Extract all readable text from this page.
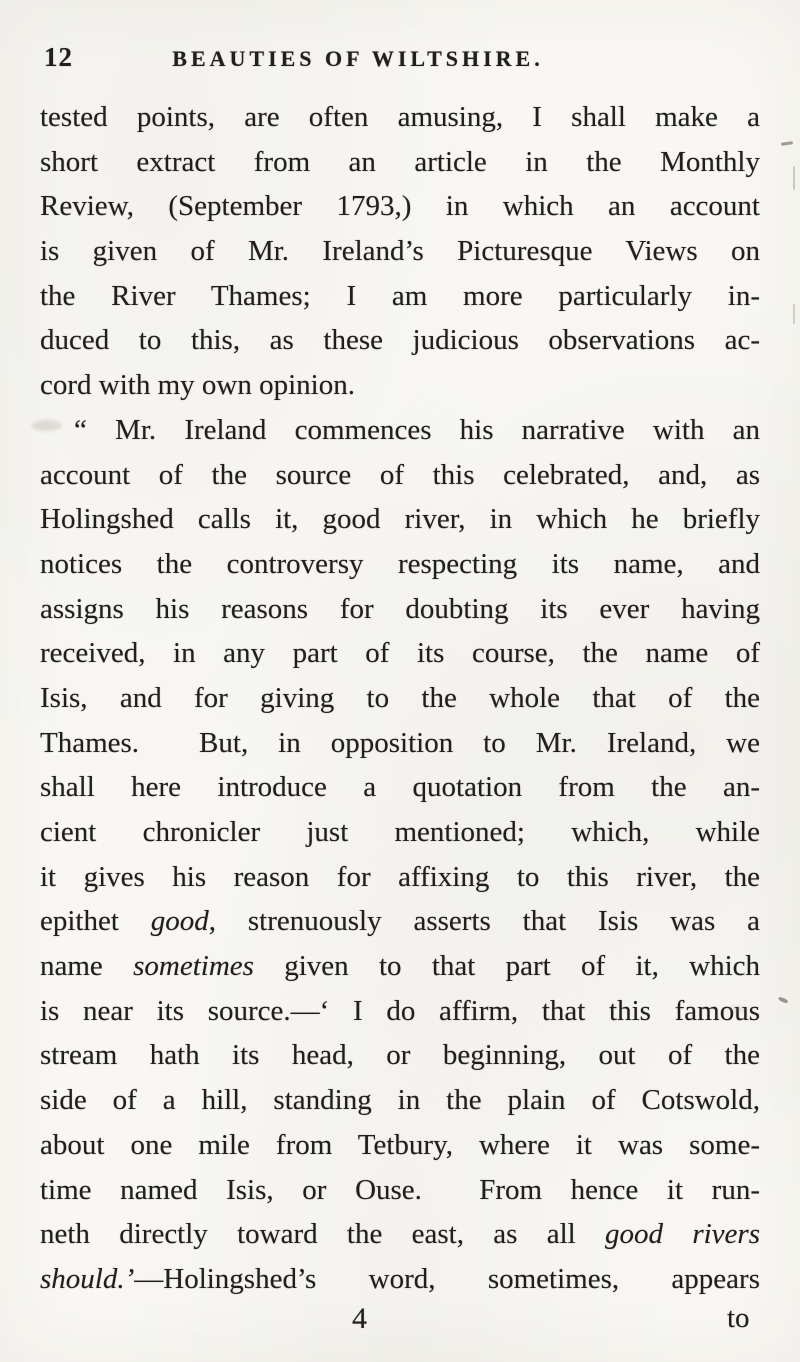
12	BEAUTIES OF WILTSHIRE.
tested points, are often amusing, I shall make a
short extract from an article in the Monthly
Review, (September 1793,) in which an account
is given of Mr. Ireland’s Picturesque Views on
the River Thames; I am more particularly in-
duced to this, as these judicious observations ac-
cord with my own opinion.
“ Mr. Ireland commences his narrative with an
account of the source of this celebrated, and, as
Holingshed calls it, good river, in which he briefly
notices the controversy respecting its name, and
assigns his reasons for doubting its ever having
received, in any part of its course, the name of
Isis, and for giving to the whole that of the
Thames.  But, in opposition to Mr. Ireland, we
shall here introduce a quotation from the an-
cient chronicler just mentioned; which, while
it gives his reason for affixing to this river, the
epithet good, strenuously asserts that Isis was a
name sometimes given to that part of it, which
is near its source.—‘ I do affirm, that this famous
stream hath its head, or beginning, out of the
side of a hill, standing in the plain of Cotswold,
about one mile from Tetbury, where it was some-
time named Isis, or Ouse.  From hence it run-
neth directly toward the east, as all good rivers
should.’—Holingshed’s word, sometimes, appears
4	to
